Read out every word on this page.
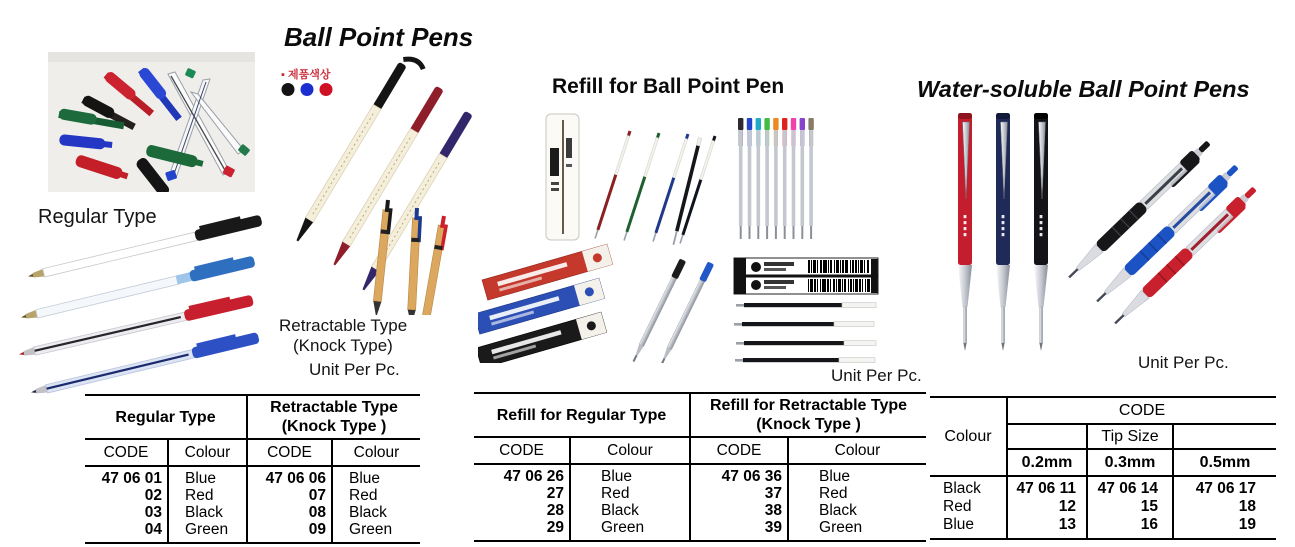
Ball Point Pens
Regular Type
▪ 제품색상
Retractable Type
(Knock Type)
Unit Per Pc.
Regular Type		Retractable Type
(Knock Type )	
CODE	Colour	CODE	Colour
47 06 01	Blue	47 06 06	Blue
02	Red	07	Red
03	Black	08	Black
04	Green	09	Green
Refill for Ball Point Pen
Unit Per Pc.
Refill for Regular Type		Refill for Retractable Type
(Knock Type )	
CODE	Colour	CODE	Colour
47 06 26	Blue	47 06 36	Blue
27	Red	37	Red
28	Black	38	Black
29	Green	39	Green
Water-soluble Ball Point Pens
Unit Per Pc.
Colour	CODE		
		Tip Size	
	0.2mm	0.3mm	0.5mm
Black	47 06 11	47 06 14	47 06 17
Red	12	15	18
Blue	13	16	19
